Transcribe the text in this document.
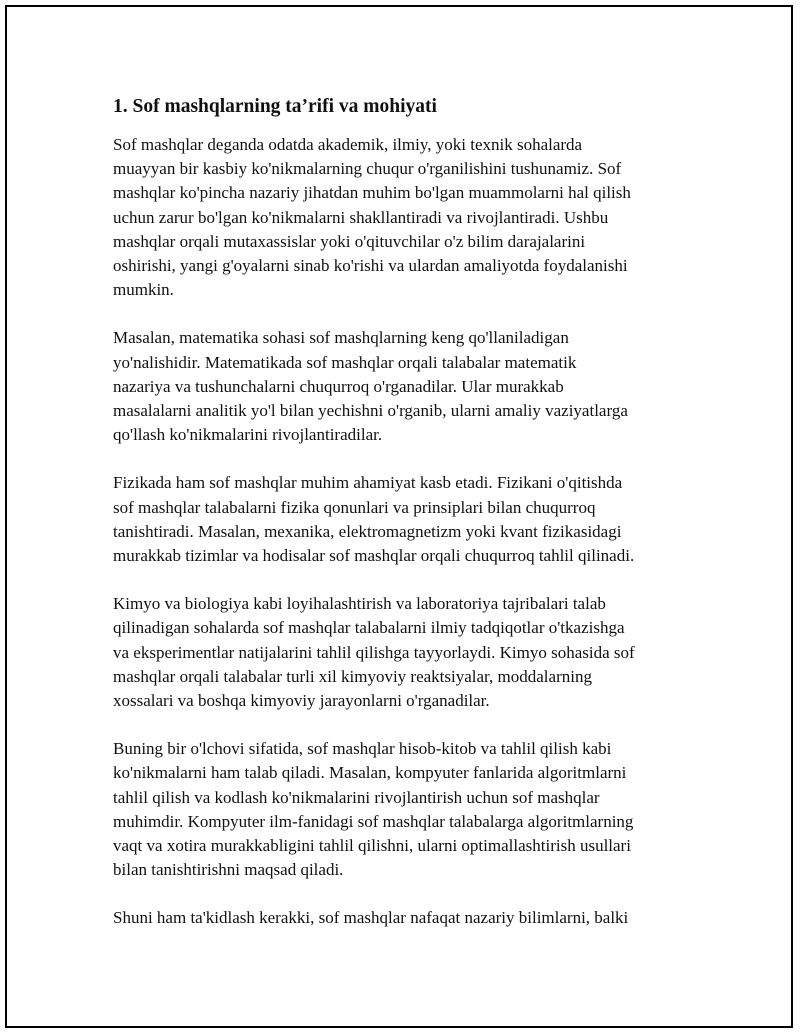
1. Sof mashqlarning ta’rifi va mohiyati

Sof mashqlar deganda odatda akademik, ilmiy, yoki texnik sohalarda
muayyan bir kasbiy ko'nikmalarning chuqur o'rganilishini tushunamiz. Sof
mashqlar ko'pincha nazariy jihatdan muhim bo'lgan muammolarni hal qilish
uchun zarur bo'lgan ko'nikmalarni shakllantiradi va rivojlantiradi. Ushbu
mashqlar orqali mutaxassislar yoki o'qituvchilar o'z bilim darajalarini
oshirishi, yangi g'oyalarni sinab ko'rishi va ulardan amaliyotda foydalanishi
mumkin.

Masalan, matematika sohasi sof mashqlarning keng qo'llaniladigan
yo'nalishidir. Matematikada sof mashqlar orqali talabalar matematik
nazariya va tushunchalarni chuqurroq o'rganadilar. Ular murakkab
masalalarni analitik yo'l bilan yechishni o'rganib, ularni amaliy vaziyatlarga
qo'llash ko'nikmalarini rivojlantiradilar.

Fizikada ham sof mashqlar muhim ahamiyat kasb etadi. Fizikani o'qitishda
sof mashqlar talabalarni fizika qonunlari va prinsiplari bilan chuqurroq
tanishtiradi. Masalan, mexanika, elektromagnetizm yoki kvant fizikasidagi
murakkab tizimlar va hodisalar sof mashqlar orqali chuqurroq tahlil qilinadi.

Kimyo va biologiya kabi loyihalashtirish va laboratoriya tajribalari talab
qilinadigan sohalarda sof mashqlar talabalarni ilmiy tadqiqotlar o'tkazishga
va eksperimentlar natijalarini tahlil qilishga tayyorlaydi. Kimyo sohasida sof
mashqlar orqali talabalar turli xil kimyoviy reaktsiyalar, moddalarning
xossalari va boshqa kimyoviy jarayonlarni o'rganadilar.

Buning bir o'lchovi sifatida, sof mashqlar hisob-kitob va tahlil qilish kabi
ko'nikmalarni ham talab qiladi. Masalan, kompyuter fanlarida algoritmlarni
tahlil qilish va kodlash ko'nikmalarini rivojlantirish uchun sof mashqlar
muhimdir. Kompyuter ilm-fanidagi sof mashqlar talabalarga algoritmlarning
vaqt va xotira murakkabligini tahlil qilishni, ularni optimallashtirish usullari
bilan tanishtirishni maqsad qiladi.

Shuni ham ta'kidlash kerakki, sof mashqlar nafaqat nazariy bilimlarni, balki
